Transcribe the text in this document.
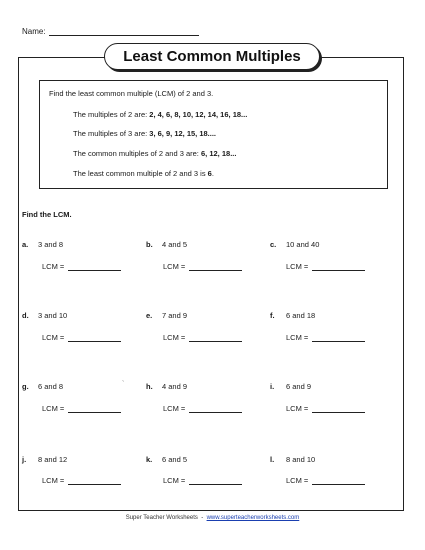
Name:
Least Common Multiples
Find the least common multiple (LCM) of 2 and 3.
The multiples of 2 are: 2, 4, 6, 8, 10, 12, 14, 16, 18...
The multiples of 3 are: 3, 6, 9, 12, 15, 18....
The common multiples of 2 and 3 are: 6, 12, 18...
The least common multiple of 2 and 3 is 6.
Find the LCM.
a. 3 and 8
LCM =
b. 4 and 5
LCM =
c. 10 and 40
LCM =
d. 3 and 10
LCM =
e. 7 and 9
LCM =
f. 6 and 18
LCM =
g. 6 and 8
LCM =
`	h. 4 and 9
LCM =
i. 6 and 9
LCM =
j. 8 and 12
LCM =
k. 6 and 5
LCM =
l. 8 and 10
LCM =
Super Teacher Worksheets - www.superteacherworksheets.com
